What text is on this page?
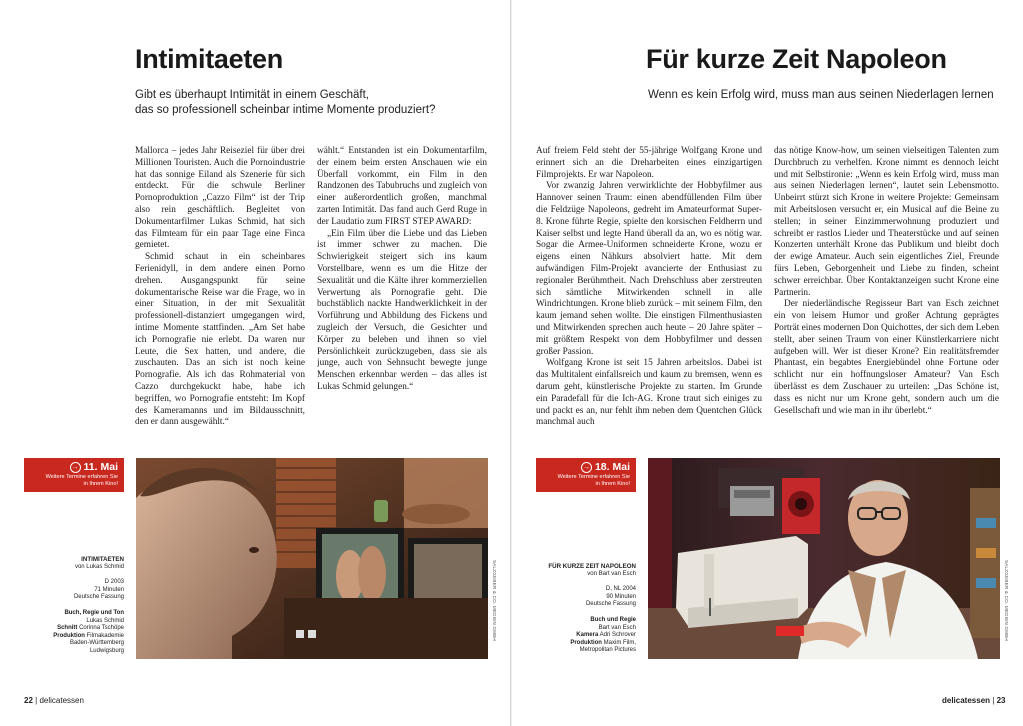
Intimitaeten
Gibt es überhaupt Intimität in einem Geschäft,
das so professionell scheinbar intime Momente produziert?

Mallorca – jedes Jahr Reiseziel für über drei Millionen Touristen. Auch die Pornoindustrie hat das sonnige Eiland als Szenerie für sich entdeckt. Für die schwule Berliner Pornoproduktion „Cazzo Film“ ist der Trip also rein geschäftlich. Begleitet von Dokumentarfilmer Lukas Schmid, hat sich das Filmteam für ein paar Tage eine Finca gemietet.

Schmid schaut in ein scheinbares Ferienidyll, in dem andere einen Porno drehen. Ausgangspunkt für seine dokumentarische Reise war die Frage, wo in einer Situation, in der mit Sexualität professionell-distanziert umgegangen wird, intime Momente stattfinden. „Am Set habe ich Pornografie nie erlebt. Da waren nur Leute, die Sex hatten, und andere, die zuschauten. Das an sich ist noch keine Pornografie. Als ich das Rohmaterial von Cazzo durchgekuckt habe, habe ich begriffen, wo Pornografie entsteht: Im Kopf des Kameramanns und im Bildausschnitt, den er dann ausgewählt.“

wählt.“ Entstanden ist ein Dokumentarfilm, der einem beim ersten Anschauen wie ein Überfall vorkommt, ein Film in den Randzonen des Tabubruchs und zugleich von einer außerordentlich großen, manchmal zarten Intimität. Das fand auch Gerd Ruge in der Laudatio zum FIRST STEP AWARD:

„Ein Film über die Liebe und das Lieben ist immer schwer zu machen. Die Schwierigkeit steigert sich ins kaum Vorstellbare, wenn es um die Hitze der Sexualität und die Kälte ihrer kommerziellen Verwertung als Pornografie geht. Die buchstäblich nackte Handwerklichkeit in der Vorführung und Abbildung des Fickens und zugleich der Versuch, die Gesichter und Körper zu beleben und ihnen so viel Persönlichkeit zurückzugeben, dass sie als junge, auch von Sehnsucht bewegte junge Menschen erkennbar werden – das alles ist Lukas Schmid gelungen.“

→ 11. Mai
Weitere Termine erfahren Sie
in Ihrem Kino!
INTIMITAETEN
von Lukas Schmid
D 2003
71 Minuten
Deutsche Fassung
Buch, Regie und Ton
Lukas Schmid
Schnitt Corinna Tschöpe
Produktion Filmakademie
Baden-Württemberg
Ludwigsburg
SALZGEBER & CO. MEDIEN GMBH
22 | delicatessen
Für kurze Zeit Napoleon
Wenn es kein Erfolg wird, muss man aus seinen Niederlagen lernen

Auf freiem Feld steht der 55-jährige Wolfgang Krone und erinnert sich an die Dreharbeiten eines einzigartigen Filmprojekts. Er war Napoleon.

Vor zwanzig Jahren verwirklichte der Hobbyfilmer aus Hannover seinen Traum: einen abendfüllenden Film über die Feldzüge Napoleons, gedreht im Amateurformat Super-8. Krone führte Regie, spielte den korsischen Feldherrn und Kaiser selbst und legte Hand überall da an, wo es nötig war. Sogar die Armee-Uniformen schneiderte Krone, wozu er eigens einen Nähkurs absolviert hatte. Mit dem aufwändigen Film-Projekt avancierte der Enthusiast zu regionaler Berühmtheit. Nach Drehschluss aber zerstreuten sich sämtliche Mitwirkenden schnell in alle Windrichtungen. Krone blieb zurück – mit seinem Film, den kaum jemand sehen wollte. Die einstigen Filmenthusiasten und Mitwirkenden sprechen auch heute – 20 Jahre später – mit größtem Respekt von dem Hobbyfilmer und dessen großer Passion.

Wolfgang Krone ist seit 15 Jahren arbeitslos. Dabei ist das Multitalent einfallsreich und kaum zu bremsen, wenn es darum geht, künstlerische Projekte zu starten. Im Grunde ein Paradefall für die Ich-AG. Krone traut sich einiges zu und packt es an, nur fehlt ihm neben dem Quentchen Glück manchmal auch

das nötige Know-how, um seinen vielseitigen Talenten zum Durchbruch zu verhelfen. Krone nimmt es dennoch leicht und mit Selbstironie: „Wenn es kein Erfolg wird, muss man aus seinen Niederlagen lernen“, lautet sein Lebensmotto. Unbeirrt stürzt sich Krone in weitere Projekte: Gemeinsam mit Arbeitslosen versucht er, ein Musical auf die Beine zu stellen; in seiner Einzimmerwohnung produziert und schreibt er rastlos Lieder und Theaterstücke und auf seinen Konzerten unterhält Krone das Publikum und bleibt doch der ewige Amateur. Auch sein eigentliches Ziel, Freunde fürs Leben, Geborgenheit und Liebe zu finden, scheint schwer erreichbar. Über Kontaktanzeigen sucht Krone eine Partnerin.

Der niederländische Regisseur Bart van Esch zeichnet ein von leisem Humor und großer Achtung geprägtes Porträt eines modernen Don Quichottes, der sich dem Leben stellt, aber seinen Traum von einer Künstlerkarriere nicht aufgeben will. Wer ist dieser Krone? Ein realitätsfremder Phantast, ein begabtes Energiebündel ohne Fortune oder schlicht nur ein hoffnungsloser Amateur? Van Esch überlässt es dem Zuschauer zu urteilen: „Das Schöne ist, dass es nicht nur um Krone geht, sondern auch um die Gesellschaft und wie man in ihr überlebt.“

→ 18. Mai
Weitere Termine erfahren Sie
in Ihrem Kino!
FÜR KURZE ZEIT NAPOLEON
von Bart van Esch
D, NL 2004
90 Minuten
Deutsche Fassung
Buch und Regie
Bart van Esch
Kamera Adri Schrover
Produktion Maxim Film,
Metropolitan Pictures
SALZGEBER & CO. MEDIEN GMBH
delicatessen | 23
